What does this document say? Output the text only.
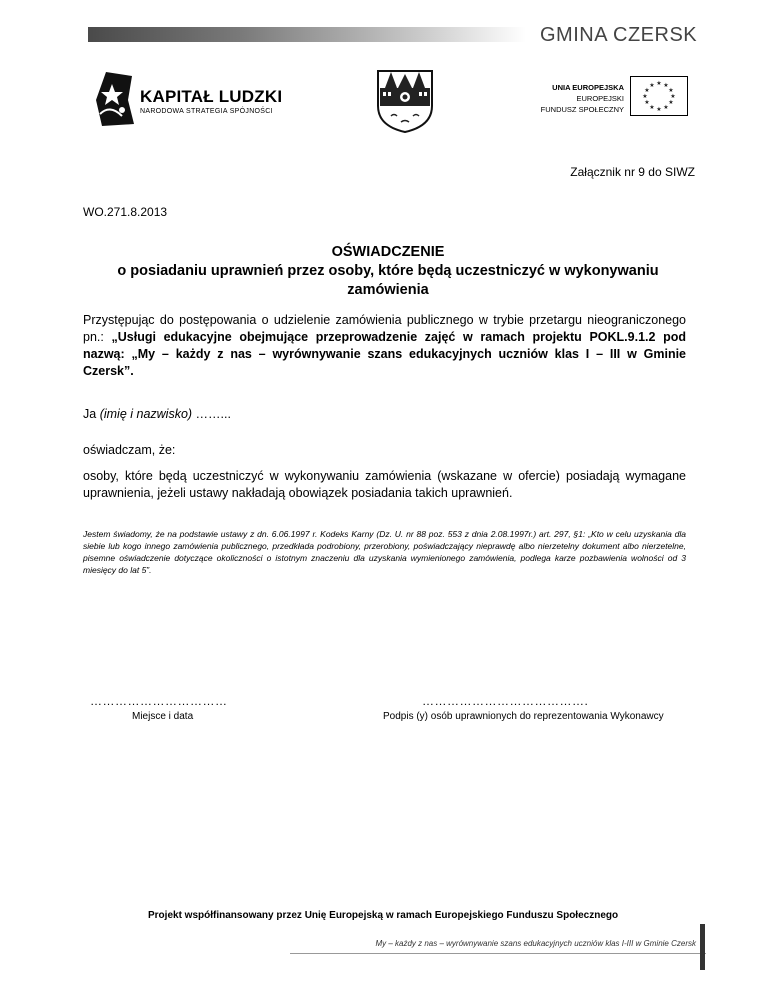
GMINA CZERSK
KAPITAŁ LUDZKI
NARODOWA STRATEGIA SPÓJNOŚCI
UNIA EUROPEJSKA
EUROPEJSKI
FUNDUSZ SPOŁECZNY
★ ★
★
★
★
★
★
★
★
★
★
★
Załącznik nr 9 do SIWZ
WO.271.8.2013
OŚWIADCZENIE
o posiadaniu uprawnień przez osoby, które będą uczestniczyć w wykonywaniu zamówienia
Przystępując do postępowania o udzielenie zamówienia publicznego w trybie przetargu nieograniczonego pn.: „Usługi edukacyjne obejmujące przeprowadzenie zajęć w ramach projektu POKL.9.1.2 pod nazwą: „My – każdy z nas – wyrównywanie szans edukacyjnych uczniów klas I – III w Gminie Czersk”.
Ja (imię i nazwisko) ……...
oświadczam, że:
osoby, które będą uczestniczyć w wykonywaniu zamówienia (wskazane w ofercie) posiadają wymagane uprawnienia, jeżeli ustawy nakładają obowiązek posiadania takich uprawnień.
Jestem świadomy, że na podstawie ustawy z dn. 6.06.1997 r. Kodeks Karny (Dz. U. nr 88 poz. 553 z dnia 2.08.1997r.) art. 297, §1: „Kto w celu uzyskania dla siebie lub kogo innego zamówienia publicznego, przedkłada podrobiony, przerobiony, poświadczający nieprawdę albo nierzetelny dokument albo nierzetelne, pisemne oświadczenie dotyczące okoliczności o istotnym znaczeniu dla uzyskania wymienionego zamówienia, podlega karze pozbawienia wolności od 3 miesięcy do lat 5”.
……………………………	………………………………….
Miejsce i data	Podpis (y) osób uprawnionych do reprezentowania Wykonawcy
Projekt współfinansowany przez Unię Europejską w ramach Europejskiego Funduszu Społecznego
My – każdy z nas – wyrównywanie szans edukacyjnych uczniów klas I-III w Gminie Czersk
